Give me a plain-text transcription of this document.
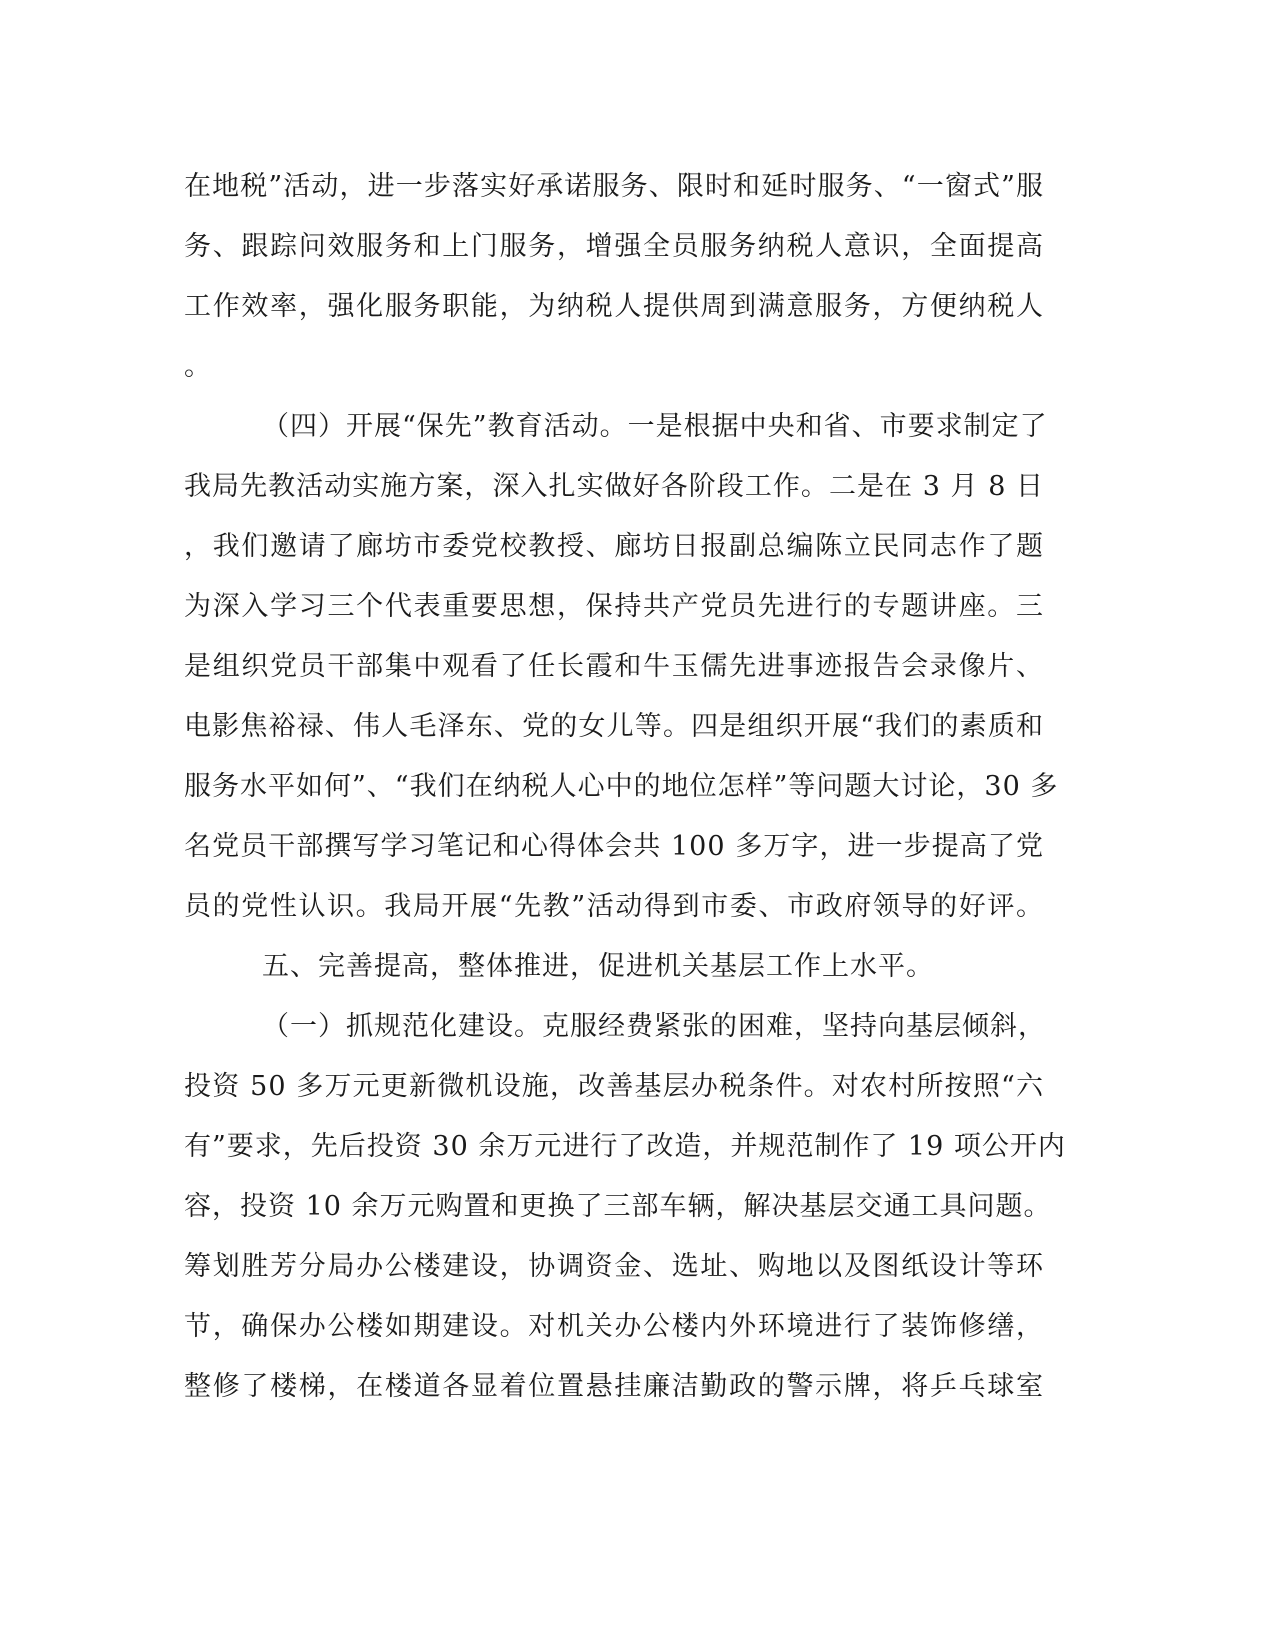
在地税”活动，进一步落实好承诺服务、限时和延时服务、“一窗式”服
务、跟踪问效服务和上门服务，增强全员服务纳税人意识，全面提高
工作效率，强化服务职能，为纳税人提供周到满意服务，方便纳税人
。
（四）开展“保先”教育活动。一是根据中央和省、市要求制定了
我局先教活动实施方案，深入扎实做好各阶段工作。二是在 3 月 8 日
，我们邀请了廊坊市委党校教授、廊坊日报副总编陈立民同志作了题
为深入学习三个代表重要思想，保持共产党员先进行的专题讲座。三
是组织党员干部集中观看了任长霞和牛玉儒先进事迹报告会录像片、
电影焦裕禄、伟人毛泽东、党的女儿等。四是组织开展“我们的素质和
服务水平如何”、“我们在纳税人心中的地位怎样”等问题大讨论，30 多
名党员干部撰写学习笔记和心得体会共 100 多万字，进一步提高了党
员的党性认识。我局开展“先教”活动得到市委、市政府领导的好评。
五、完善提高，整体推进，促进机关基层工作上水平。
（一）抓规范化建设。克服经费紧张的困难，坚持向基层倾斜，
投资 50 多万元更新微机设施，改善基层办税条件。对农村所按照“六
有”要求，先后投资 30 余万元进行了改造，并规范制作了 19 项公开内
容，投资 10 余万元购置和更换了三部车辆，解决基层交通工具问题。
筹划胜芳分局办公楼建设，协调资金、选址、购地以及图纸设计等环
节，确保办公楼如期建设。对机关办公楼内外环境进行了装饰修缮，
整修了楼梯，在楼道各显着位置悬挂廉洁勤政的警示牌，将乒乓球室
